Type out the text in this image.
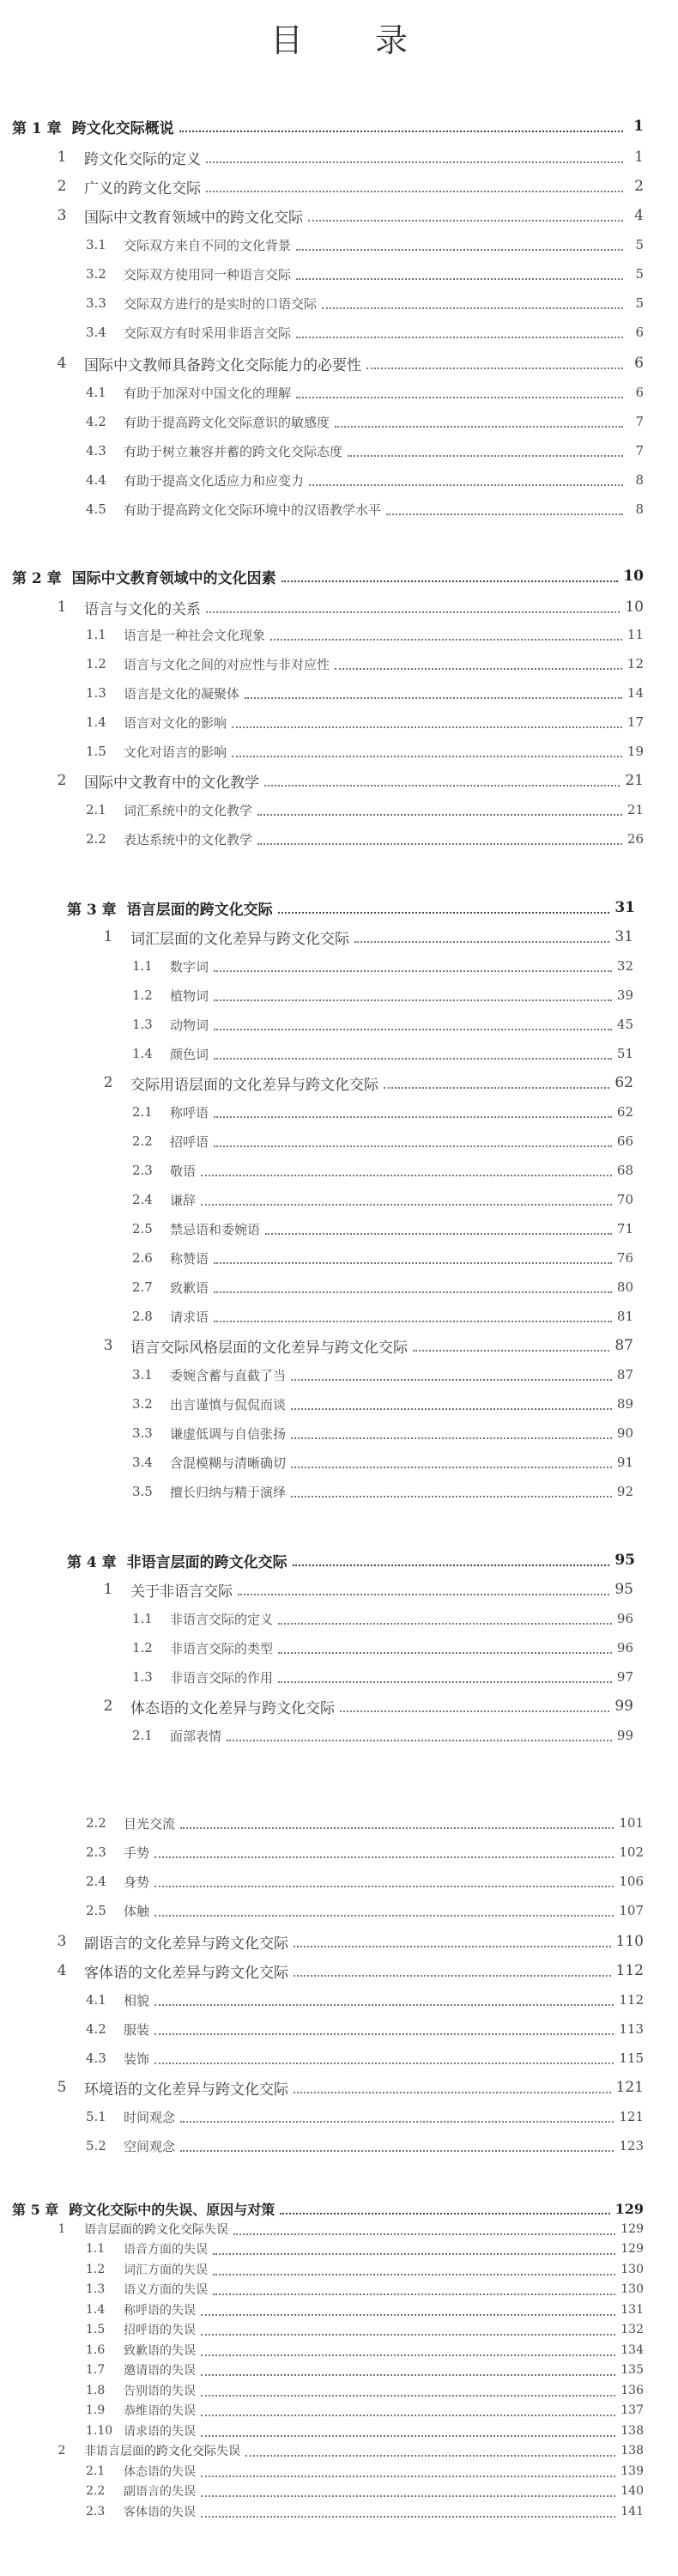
目 录
第 1 章 跨文化交际概说	1
1	跨文化交际的定义	1
2	广义的跨文化交际	2
3	国际中文教育领域中的跨文化交际	4
3.1	交际双方来自不同的文化背景	5
3.2	交际双方使用同一种语言交际	5
3.3	交际双方进行的是实时的口语交际	5
3.4	交际双方有时采用非语言交际	6
4	国际中文教师具备跨文化交际能力的必要性	6
4.1	有助于加深对中国文化的理解	6
4.2	有助于提高跨文化交际意识的敏感度	7
4.3	有助于树立兼容并蓄的跨文化交际态度	7
4.4	有助于提高文化适应力和应变力	8
4.5	有助于提高跨文化交际环境中的汉语教学水平	8
第 2 章 国际中文教育领域中的文化因素	10
1	语言与文化的关系	10
1.1	语言是一种社会文化现象	11
1.2	语言与文化之间的对应性与非对应性	12
1.3	语言是文化的凝聚体	14
1.4	语言对文化的影响	17
1.5	文化对语言的影响	19
2	国际中文教育中的文化教学	21
2.1	词汇系统中的文化教学	21
2.2	表达系统中的文化教学	26
第 3 章 语言层面的跨文化交际	31
1	词汇层面的文化差异与跨文化交际	31
1.1	数字词	32
1.2	植物词	39
1.3	动物词	45
1.4	颜色词	51
2	交际用语层面的文化差异与跨文化交际	62
2.1	称呼语	62
2.2	招呼语	66
2.3	敬语	68
2.4	谦辞	70
2.5	禁忌语和委婉语	71
2.6	称赞语	76
2.7	致歉语	80
2.8	请求语	81
3	语言交际风格层面的文化差异与跨文化交际	87
3.1	委婉含蓄与直截了当	87
3.2	出言谨慎与侃侃而谈	89
3.3	谦虚低调与自信张扬	90
3.4	含混模糊与清晰确切	91
3.5	擅长归纳与精于演绎	92
第 4 章 非语言层面的跨文化交际	95
1	关于非语言交际	95
1.1	非语言交际的定义	96
1.2	非语言交际的类型	96
1.3	非语言交际的作用	97
2	体态语的文化差异与跨文化交际	99
2.1	面部表情	99
2.2	目光交流	101
2.3	手势	102
2.4	身势	106
2.5	体触	107
3	副语言的文化差异与跨文化交际	110
4	客体语的文化差异与跨文化交际	112
4.1	相貌	112
4.2	服装	113
4.3	装饰	115
5	环境语的文化差异与跨文化交际	121
5.1	时间观念	121
5.2	空间观念	123
第 5 章 跨文化交际中的失误、原因与对策	129
1	语言层面的跨文化交际失误	129
1.1	语音方面的失误	129
1.2	词汇方面的失误	130
1.3	语义方面的失误	130
1.4	称呼语的失误	131
1.5	招呼语的失误	132
1.6	致歉语的失误	134
1.7	邀请语的失误	135
1.8	告别语的失误	136
1.9	恭维语的失误	137
1.10 请求语的失误	138
2	非语言层面的跨文化交际失误	138
2.1	体态语的失误	139
2.2	副语言的失误	140
2.3	客体语的失误	141
